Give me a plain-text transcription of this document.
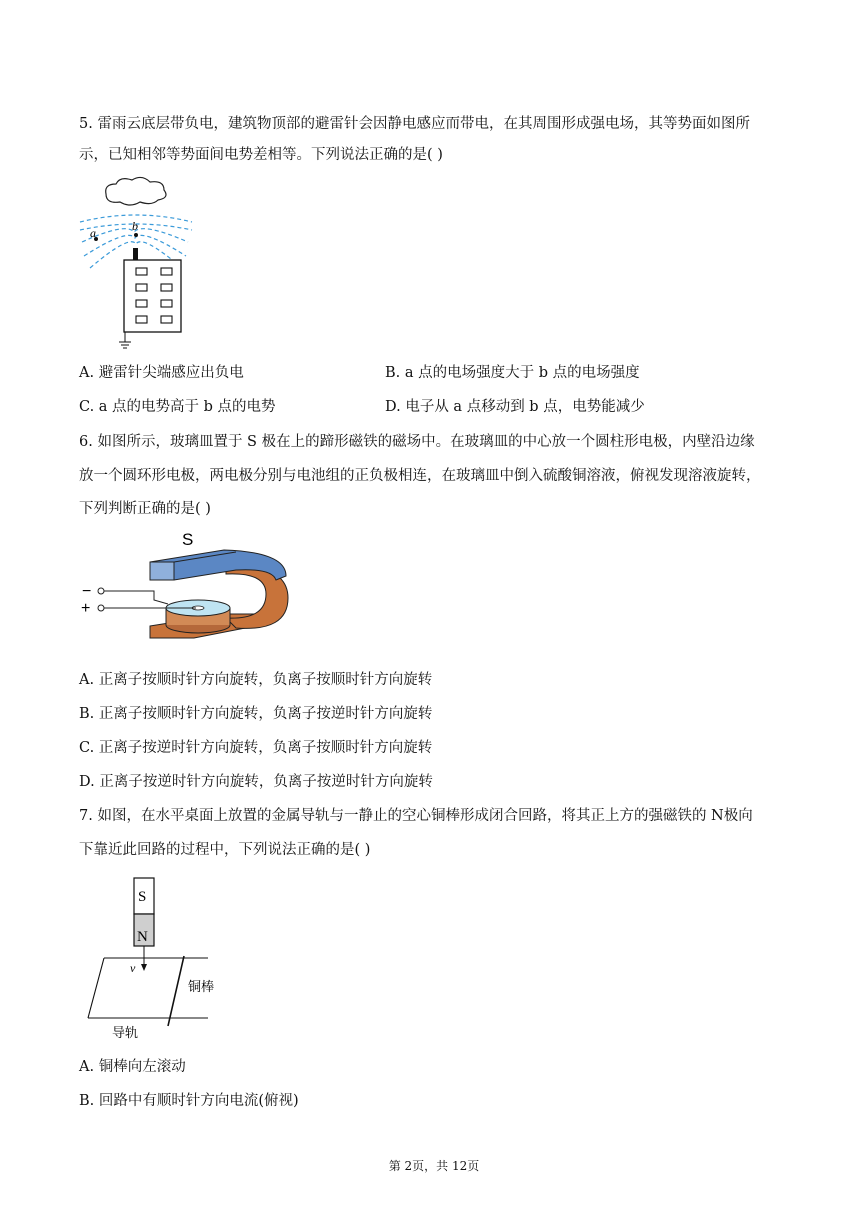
5. 雷雨云底层带负电，建筑物顶部的避雷针会因静电感应而带电，在其周围形成强电场，其等势面如图所
示，已知相邻等势面间电势差相等。下列说法正确的是( )
a	b
A. 避雷针尖端感应出负电	B. a 点的电场强度大于 b 点的电场强度
C. a 点的电势高于 b 点的电势	D. 电子从 a 点移动到 b 点，电势能减少
6. 如图所示，玻璃皿置于 S 极在上的蹄形磁铁的磁场中。在玻璃皿的中心放一个圆柱形电极，内壁沿边缘
放一个圆环形电极，两电极分别与电池组的正负极相连，在玻璃皿中倒入硫酸铜溶液，俯视发现溶液旋转，
下列判断正确的是( )
S
−
+
A. 正离子按顺时针方向旋转，负离子按顺时针方向旋转
B. 正离子按顺时针方向旋转，负离子按逆时针方向旋转
C. 正离子按逆时针方向旋转，负离子按顺时针方向旋转
D. 正离子按逆时针方向旋转，负离子按逆时针方向旋转
7. 如图，在水平桌面上放置的金属导轨与一静止的空心铜棒形成闭合回路，将其正上方的强磁铁的 N极向
下靠近此回路的过程中，下列说法正确的是( )
S
N
v
铜棒
导轨
A. 铜棒向左滚动
B. 回路中有顺时针方向电流(俯视)
第 2页，共 12页
